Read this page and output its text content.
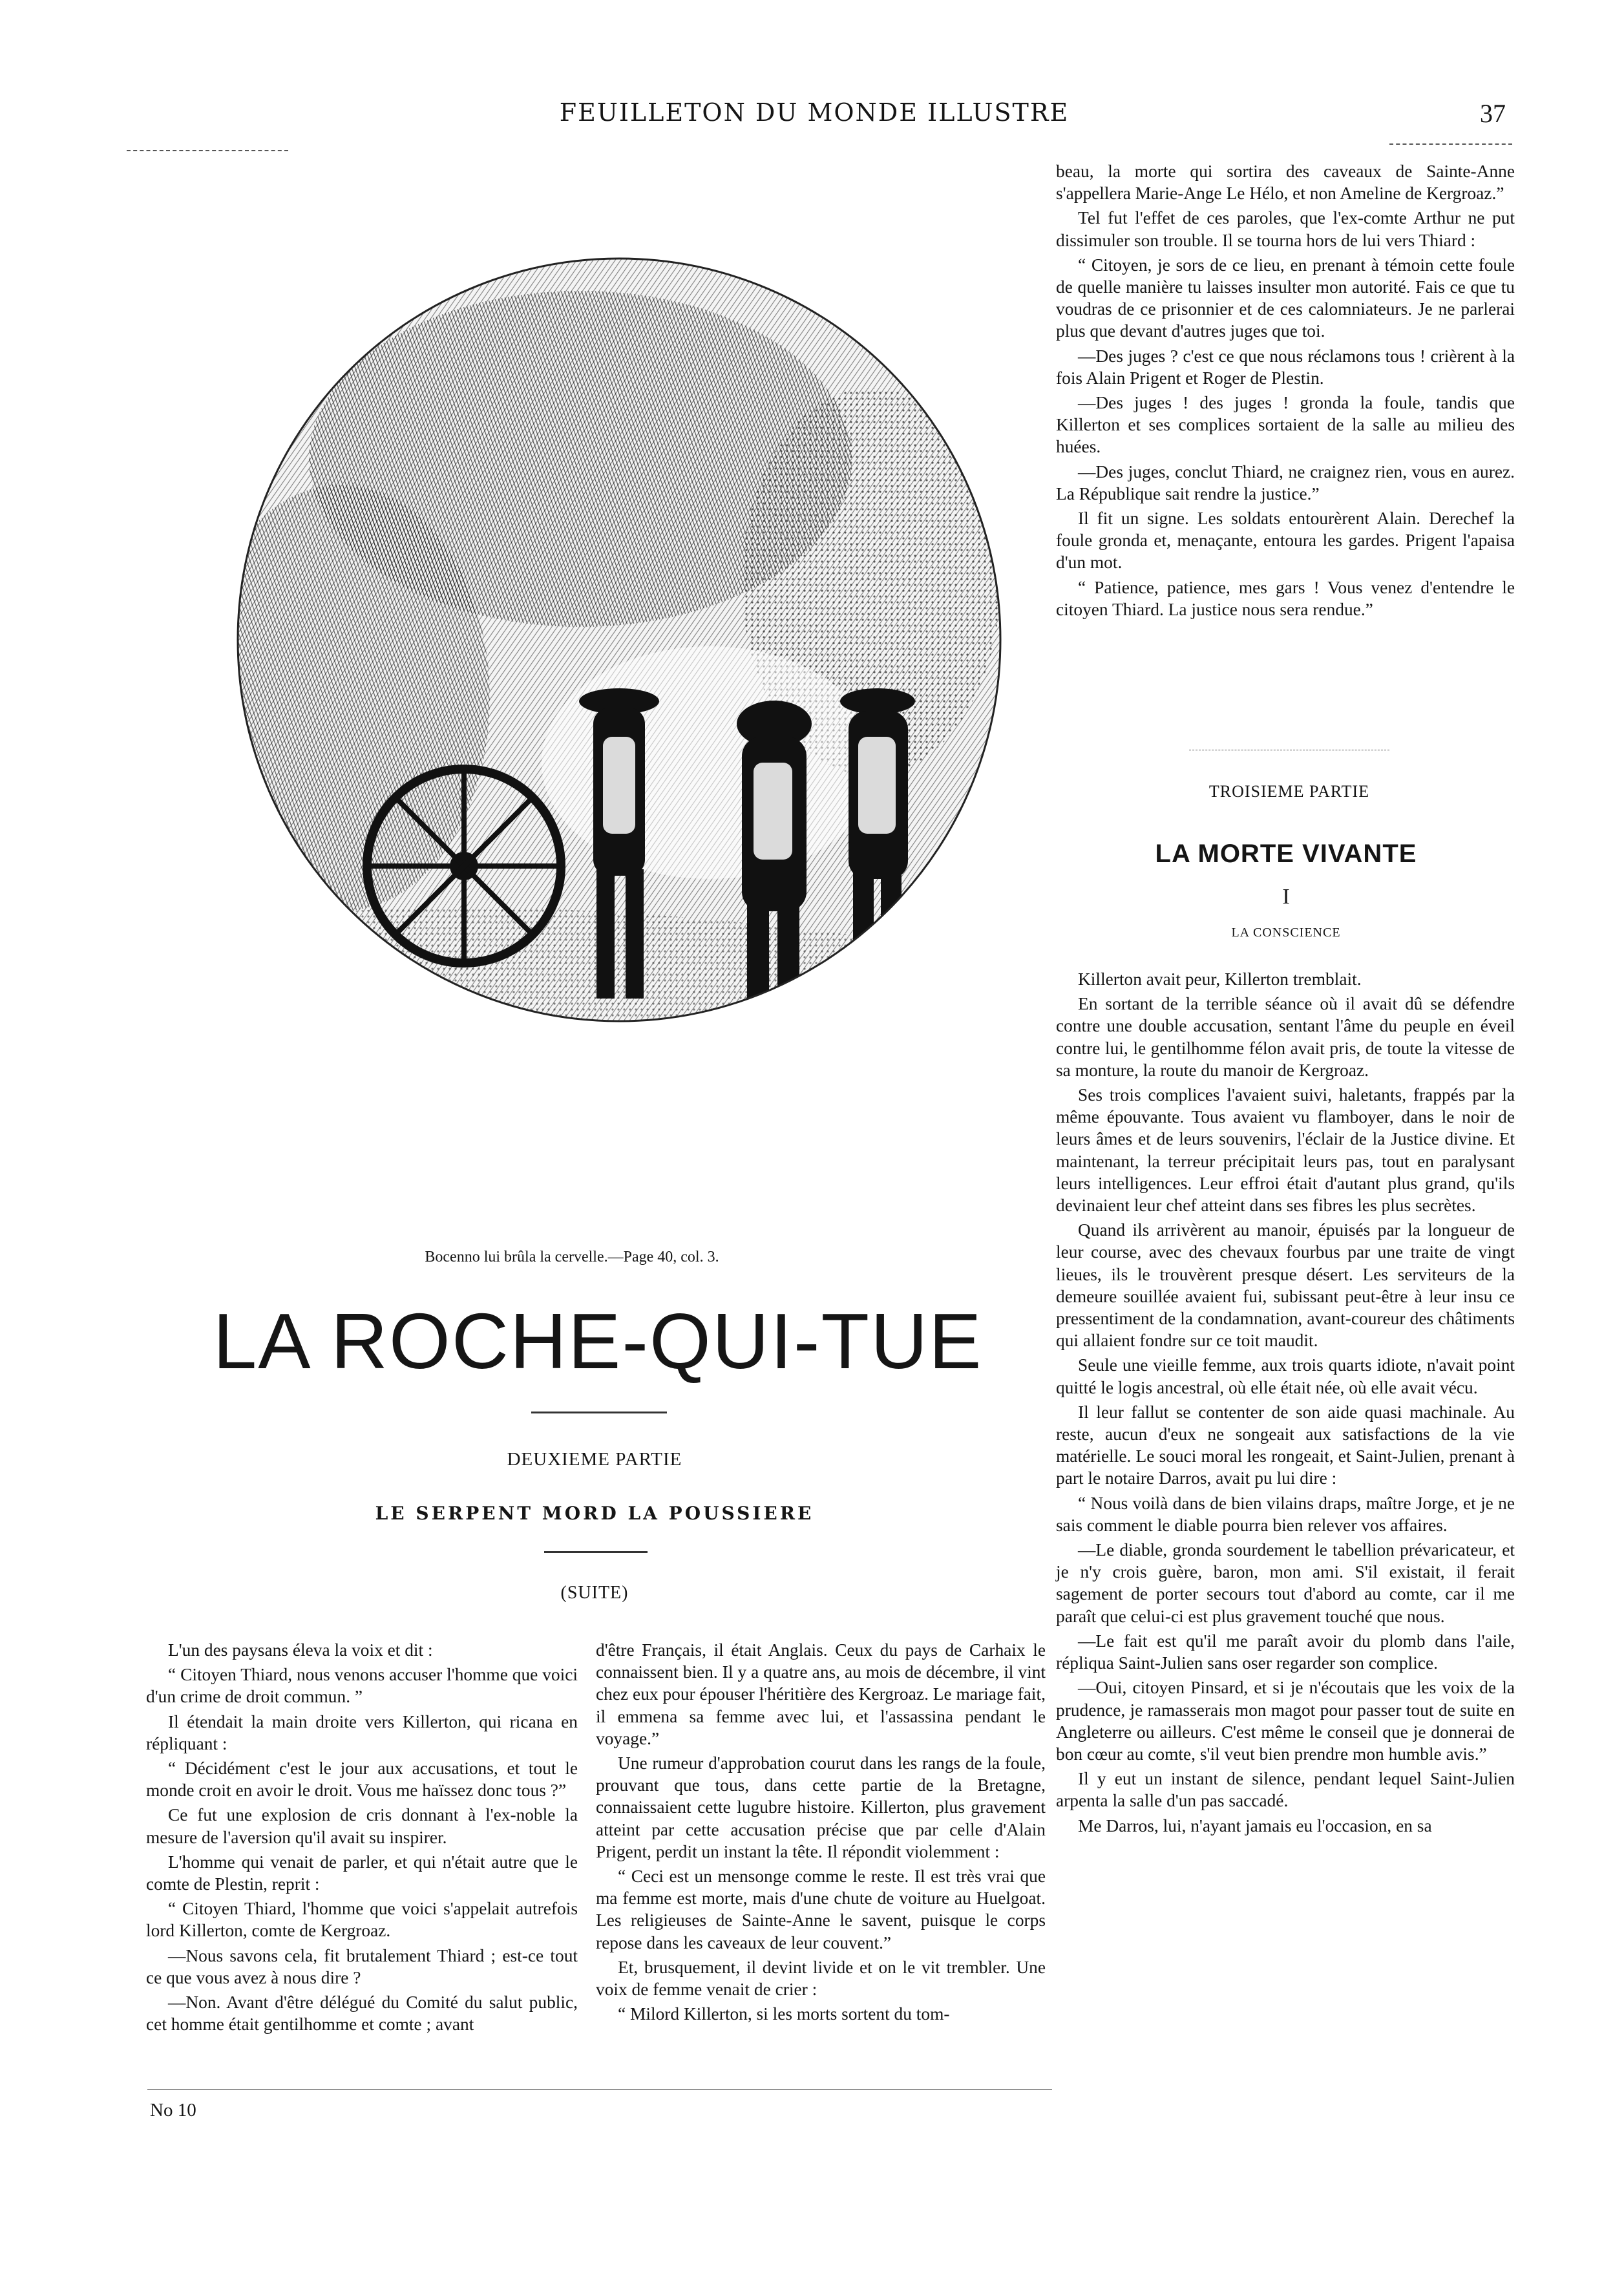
FEUILLETON DU MONDE ILLUSTRE	37
Bocenno lui brûla la cervelle.—Page 40, col. 3.
LA ROCHE-QUI-TUE
DEUXIEME PARTIE
LE SERPENT MORD LA POUSSIERE
(SUITE)

L'un des paysans éleva la voix et dit :

“ Citoyen Thiard, nous venons accuser l'homme que voici d'un crime de droit commun. ”

Il étendait la main droite vers Killerton, qui ricana en répliquant :

“ Décidément c'est le jour aux accusations, et tout le monde croit en avoir le droit. Vous me haïssez donc tous ?”

Ce fut une explosion de cris donnant à l'ex-noble la mesure de l'aversion qu'il avait su inspirer.

L'homme qui venait de parler, et qui n'était autre que le comte de Plestin, reprit :

“ Citoyen Thiard, l'homme que voici s'appelait autrefois lord Killerton, comte de Kergroaz.

—Nous savons cela, fit brutalement Thiard ; est-ce tout ce que vous avez à nous dire ?

—Non. Avant d'être délégué du Comité du salut public, cet homme était gentilhomme et comte ; avant

No 10

d'être Français, il était Anglais. Ceux du pays de Carhaix le connaissent bien. Il y a quatre ans, au mois de décembre, il vint chez eux pour épouser l'héritière des Kergroaz. Le mariage fait, il emmena sa femme avec lui, et l'assassina pendant le voyage.”

Une rumeur d'approbation courut dans les rangs de la foule, prouvant que tous, dans cette partie de la Bretagne, connaissaient cette lugubre histoire. Killerton, plus gravement atteint par cette accusation précise que par celle d'Alain Prigent, perdit un instant la tête. Il répondit violemment :

“ Ceci est un mensonge comme le reste. Il est très vrai que ma femme est morte, mais d'une chute de voiture au Huelgoat. Les religieuses de Sainte-Anne le savent, puisque le corps repose dans les caveaux de leur couvent.”

Et, brusquement, il devint livide et on le vit trembler. Une voix de femme venait de crier :

“ Milord Killerton, si les morts sortent du tom-

beau, la morte qui sortira des caveaux de Sainte-Anne s'appellera Marie-Ange Le Hélo, et non Ameline de Kergroaz.”

Tel fut l'effet de ces paroles, que l'ex-comte Arthur ne put dissimuler son trouble. Il se tourna hors de lui vers Thiard :

“ Citoyen, je sors de ce lieu, en prenant à témoin cette foule de quelle manière tu laisses insulter mon autorité. Fais ce que tu voudras de ce prisonnier et de ces calomniateurs. Je ne parlerai plus que devant d'autres juges que toi.

—Des juges ? c'est ce que nous réclamons tous ! crièrent à la fois Alain Prigent et Roger de Plestin.

—Des juges ! des juges ! gronda la foule, tandis que Killerton et ses complices sortaient de la salle au milieu des huées.

—Des juges, conclut Thiard, ne craignez rien, vous en aurez. La République sait rendre la justice.”

Il fit un signe. Les soldats entourèrent Alain. Derechef la foule gronda et, menaçante, entoura les gardes. Prigent l'apaisa d'un mot.

“ Patience, patience, mes gars ! Vous venez d'entendre le citoyen Thiard. La justice nous sera rendue.”

TROISIEME PARTIE
LA MORTE VIVANTE
I
LA CONSCIENCE

Killerton avait peur, Killerton tremblait.

En sortant de la terrible séance où il avait dû se défendre contre une double accusation, sentant l'âme du peuple en éveil contre lui, le gentilhomme félon avait pris, de toute la vitesse de sa monture, la route du manoir de Kergroaz.

Ses trois complices l'avaient suivi, haletants, frappés par la même épouvante. Tous avaient vu flamboyer, dans le noir de leurs âmes et de leurs souvenirs, l'éclair de la Justice divine. Et maintenant, la terreur précipitait leurs pas, tout en paralysant leurs intelligences. Leur effroi était d'autant plus grand, qu'ils devinaient leur chef atteint dans ses fibres les plus secrètes.

Quand ils arrivèrent au manoir, épuisés par la longueur de leur course, avec des chevaux fourbus par une traite de vingt lieues, ils le trouvèrent presque désert. Les serviteurs de la demeure souillée avaient fui, subissant peut-être à leur insu ce pressentiment de la condamnation, avant-coureur des châtiments qui allaient fondre sur ce toit maudit.

Seule une vieille femme, aux trois quarts idiote, n'avait point quitté le logis ancestral, où elle était née, où elle avait vécu.

Il leur fallut se contenter de son aide quasi machinale. Au reste, aucun d'eux ne songeait aux satisfactions de la vie matérielle. Le souci moral les rongeait, et Saint-Julien, prenant à part le notaire Darros, avait pu lui dire :

“ Nous voilà dans de bien vilains draps, maître Jorge, et je ne sais comment le diable pourra bien relever vos affaires.

—Le diable, gronda sourdement le tabellion prévaricateur, et je n'y crois guère, baron, mon ami. S'il existait, il ferait sagement de porter secours tout d'abord au comte, car il me paraît que celui-ci est plus gravement touché que nous.

—Le fait est qu'il me paraît avoir du plomb dans l'aile, répliqua Saint-Julien sans oser regarder son complice.

—Oui, citoyen Pinsard, et si je n'écoutais que les voix de la prudence, je ramasserais mon magot pour passer tout de suite en Angleterre ou ailleurs. C'est même le conseil que je donnerai de bon cœur au comte, s'il veut bien prendre mon humble avis.”

Il y eut un instant de silence, pendant lequel Saint-Julien arpenta la salle d'un pas saccadé.

Me Darros, lui, n'ayant jamais eu l'occasion, en sa
